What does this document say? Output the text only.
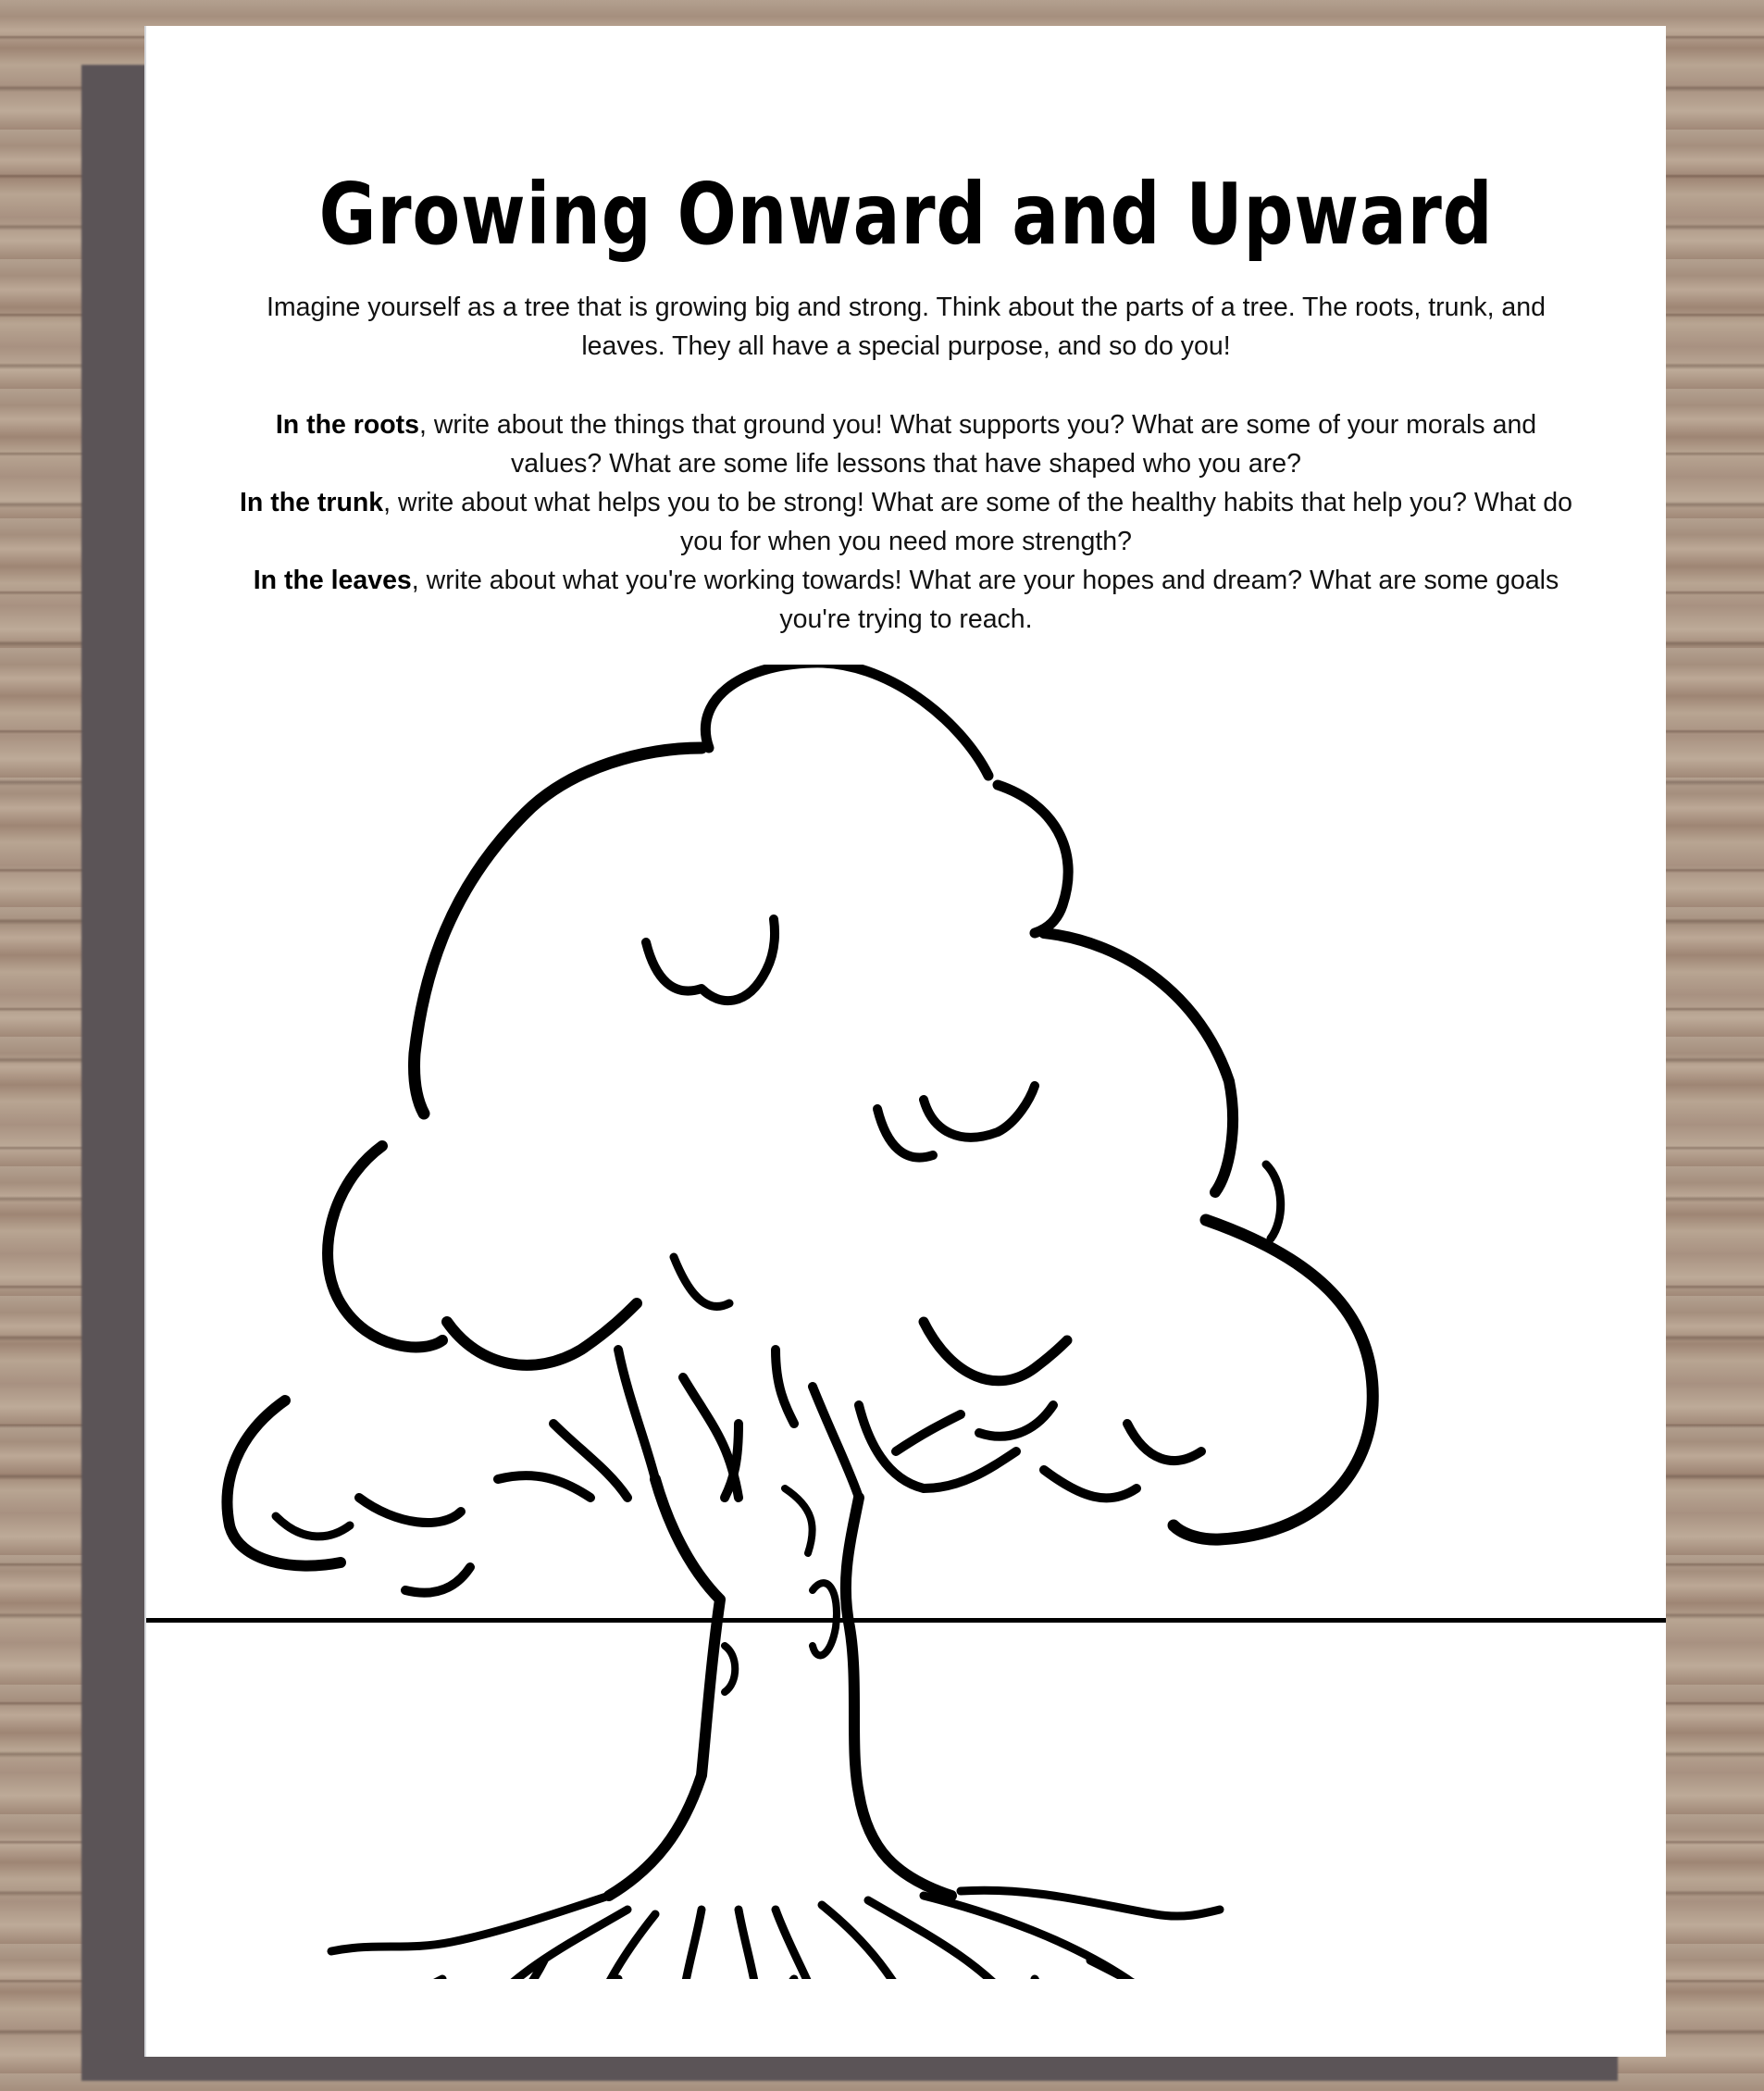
Growing Onward and Upward
Imagine yourself as a tree that is growing big and strong. Think about the parts of a tree. The roots, trunk, and leaves. They all have a special purpose, and so do you!
In the roots, write about the things that ground you! What supports you? What are some of your morals and values? What are some life lessons that have shaped who you are?
In the trunk, write about what helps you to be strong! What are some of the healthy habits that help you? What do you for when you need more strength?
In the leaves, write about what you're working towards! What are your hopes and dream? What are some goals you're trying to reach.
